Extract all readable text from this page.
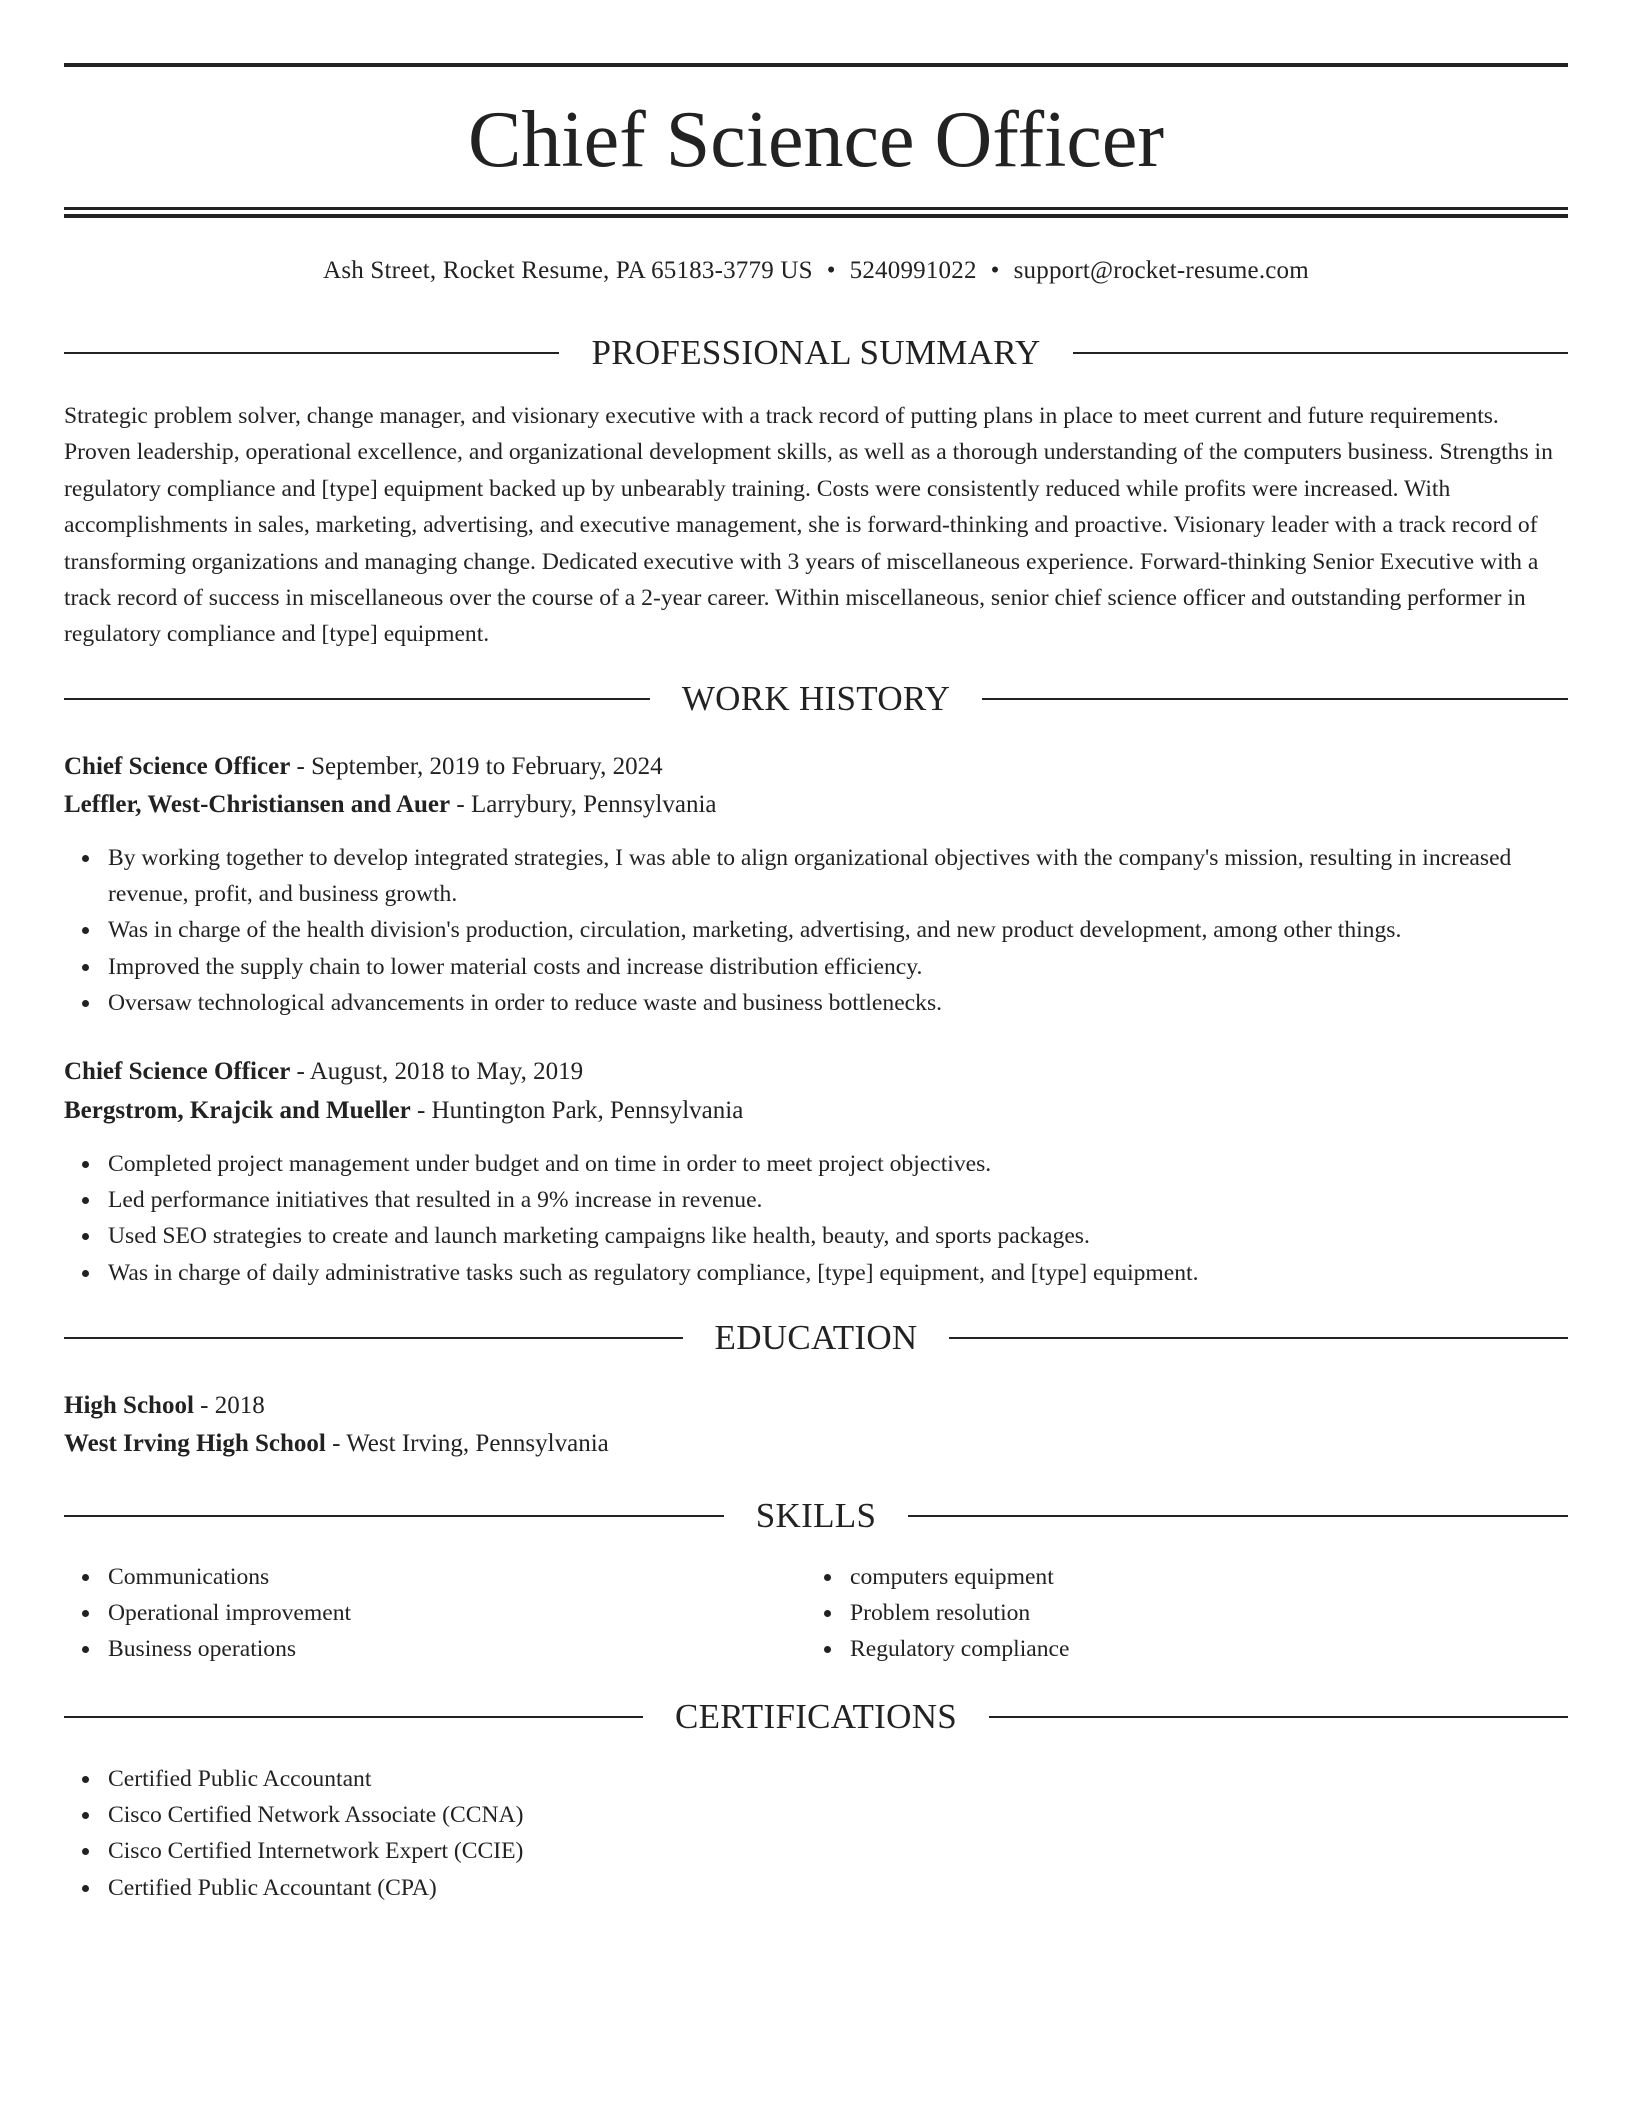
Chief Science Officer
Ash Street, Rocket Resume, PA 65183-3779 US • 5240991022 • support@rocket-resume.com
PROFESSIONAL SUMMARY

Strategic problem solver, change manager, and visionary executive with a track record of putting plans in place to meet current and future requirements. Proven leadership, operational excellence, and organizational development skills, as well as a thorough understanding of the computers business. Strengths in regulatory compliance and [type] equipment backed up by unbearably training. Costs were consistently reduced while profits were increased. With accomplishments in sales, marketing, advertising, and executive management, she is forward-thinking and proactive. Visionary leader with a track record of transforming organizations and managing change. Dedicated executive with 3 years of miscellaneous experience. Forward-thinking Senior Executive with a track record of success in miscellaneous over the course of a 2-year career. Within miscellaneous, senior chief science officer and outstanding performer in regulatory compliance and [type] equipment.

WORK HISTORY
Chief Science Officer - September, 2019 to February, 2024
Leffler, West-Christiansen and Auer - Larrybury, Pennsylvania
By working together to develop integrated strategies, I was able to align organizational objectives with the company's mission, resulting in increased revenue, profit, and business growth.
Was in charge of the health division's production, circulation, marketing, advertising, and new product development, among other things.
Improved the supply chain to lower material costs and increase distribution efficiency.
Oversaw technological advancements in order to reduce waste and business bottlenecks.
Chief Science Officer - August, 2018 to May, 2019
Bergstrom, Krajcik and Mueller - Huntington Park, Pennsylvania
Completed project management under budget and on time in order to meet project objectives.
Led performance initiatives that resulted in a 9% increase in revenue.
Used SEO strategies to create and launch marketing campaigns like health, beauty, and sports packages.
Was in charge of daily administrative tasks such as regulatory compliance, [type] equipment, and [type] equipment.
EDUCATION
High School - 2018
West Irving High School - West Irving, Pennsylvania
SKILLS
Communications
Operational improvement
Business operations
computers equipment
Problem resolution
Regulatory compliance
CERTIFICATIONS
Certified Public Accountant
Cisco Certified Network Associate (CCNA)
Cisco Certified Internetwork Expert (CCIE)
Certified Public Accountant (CPA)
